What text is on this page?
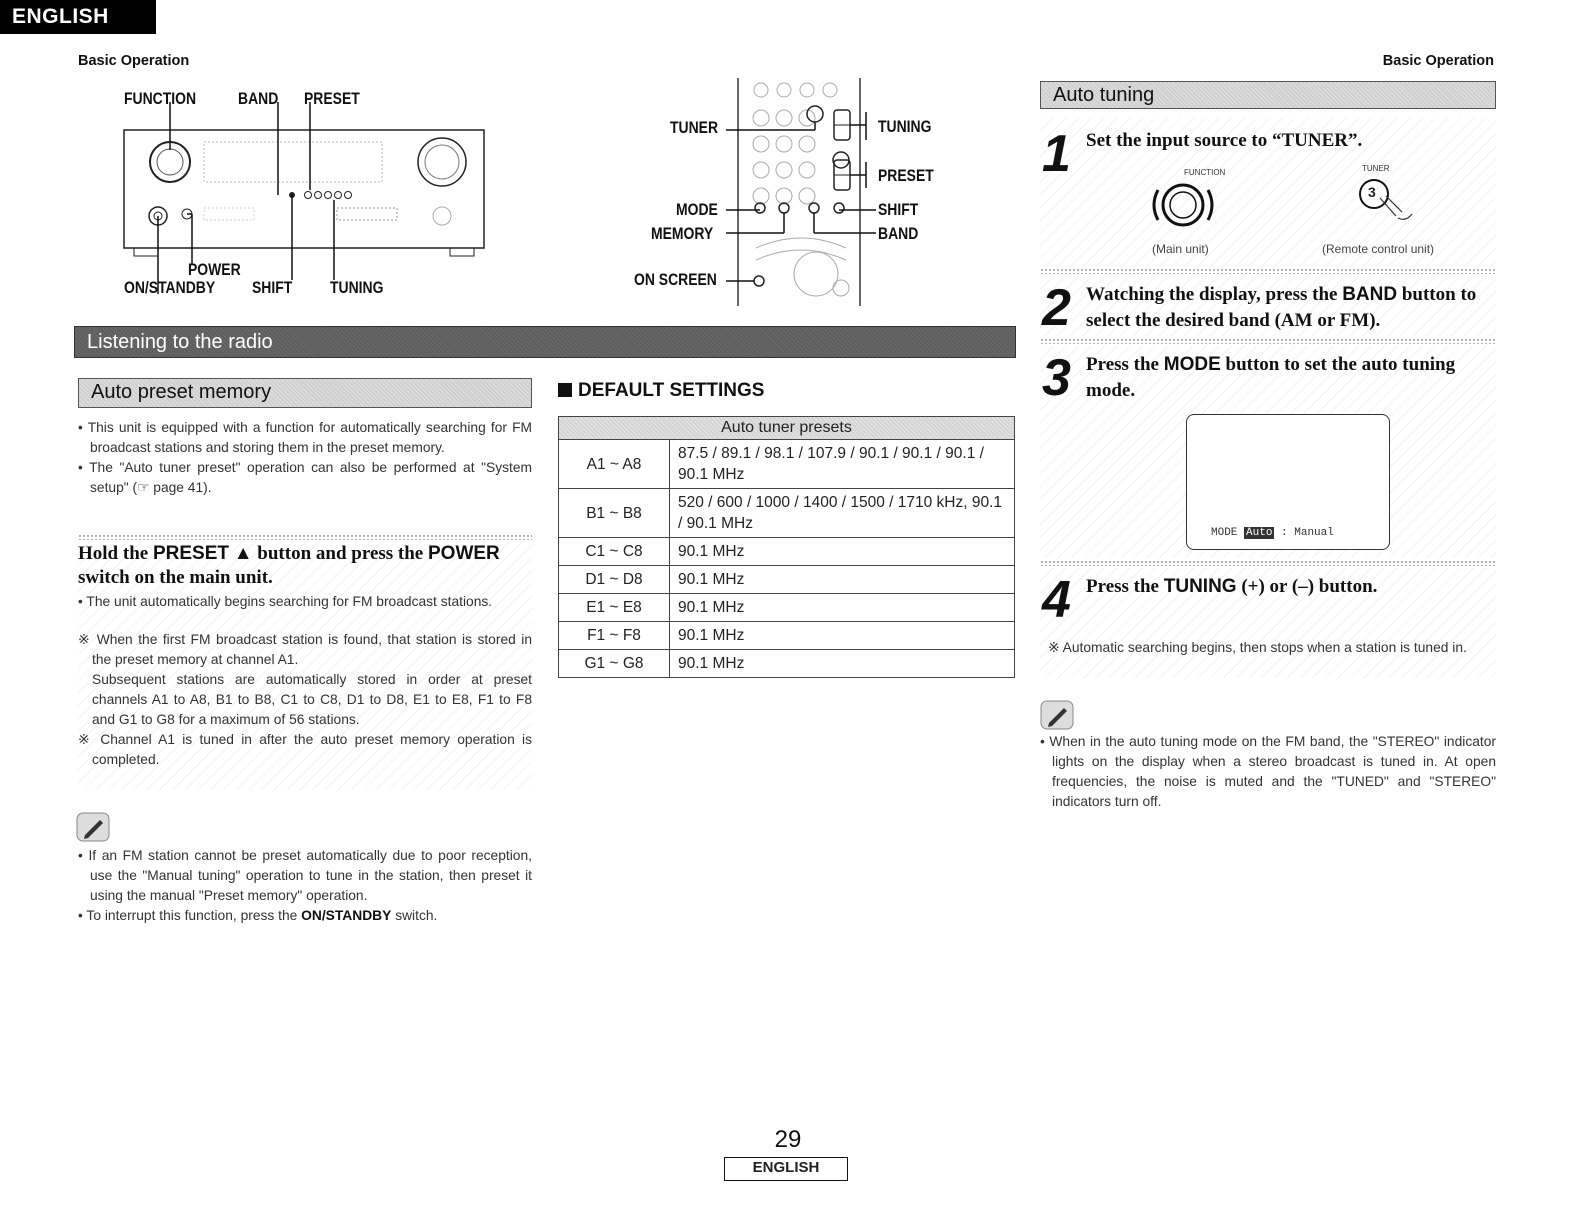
ENGLISH
Basic Operation	Basic Operation
FUNCTION BAND PRESET
POWER
ON/STANDBY SHIFT TUNING
TUNER	TUNING
PRESET
MODE	SHIFT
MEMORY	BAND
ON SCREEN
Listening to the radio
Auto preset memory

• This unit is equipped with a function for automatically searching for FM broadcast stations and storing them in the preset memory.

• The "Auto tuner preset" operation can also be performed at "System setup" (☞ page 41).

Hold the PRESET ▲ button and press the POWER switch on the main unit.

• The unit automatically begins searching for FM broadcast stations.

※ When the first FM broadcast station is found, that station is stored in the preset memory at channel A1.

Subsequent stations are automatically stored in order at preset channels A1 to A8, B1 to B8, C1 to C8, D1 to D8, E1 to E8, F1 to F8 and G1 to G8 for a maximum of 56 stations.

※ Channel A1 is tuned in after the auto preset memory operation is completed.

• If an FM station cannot be preset automatically due to poor reception, use the "Manual tuning" operation to tune in the station, then preset it using the manual "Preset memory" operation.

• To interrupt this function, press the ON/STANDBY switch.

DEFAULT SETTINGS
Auto tuner presets	
A1 ~ A8	87.5 / 89.1 / 98.1 / 107.9 / 90.1 / 90.1 / 90.1 / 90.1 MHz
B1 ~ B8	520 / 600 / 1000 / 1400 / 1500 / 1710 kHz, 90.1 / 90.1 MHz
C1 ~ C8	90.1 MHz
D1 ~ D8	90.1 MHz
E1 ~ E8	90.1 MHz
F1 ~ F8	90.1 MHz
G1 ~ G8	90.1 MHz
Auto tuning
1 Set the input source to “TUNER”.
FUNCTION	TUNER
3
(Main unit)	(Remote control unit)
2 Watching the display, press the BAND button to select the desired band (AM or FM).
3 Press the MODE button to set the auto tuning mode.
MODE Auto : Manual
4 Press the TUNING (+) or (–) button.

※ Automatic searching begins, then stops when a station is tuned in.

• When in the auto tuning mode on the FM band, the "STEREO" indicator lights on the display when a stereo broadcast is tuned in. At open frequencies, the noise is muted and the "TUNED" and "STEREO" indicators turn off.

29
ENGLISH
